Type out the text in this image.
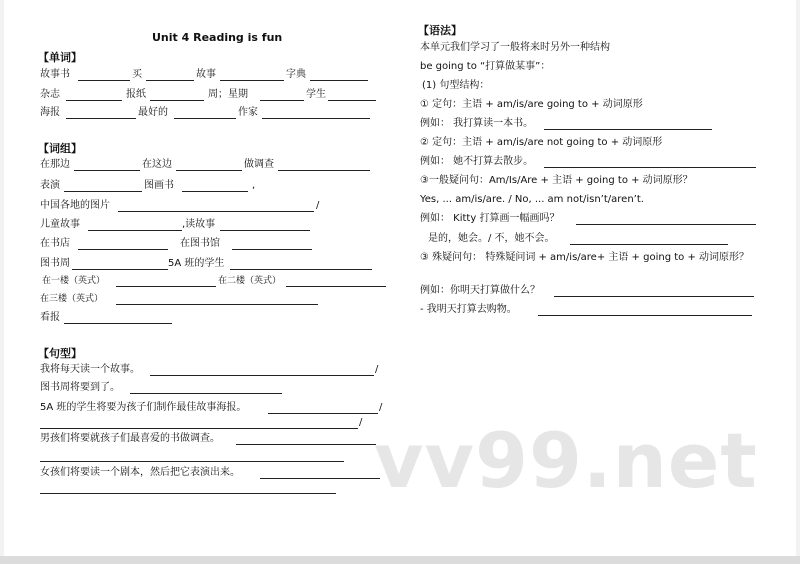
Unit 4 Reading is fun
【单词】
故事书	买	故事	字典
杂志	报纸	周；星期	学生
海报	最好的	作家
【词组】
在那边	在这边	做调查
表演	图画书	,
中国各地的图片	/
儿童故事	,读故事
在书店	在图书馆
图书周	5A 班的学生
在一楼（英式）	在二楼（英式）
在三楼（英式）
看报
【句型】
我将每天读一个故事。	/
图书周将要到了。
5A 班的学生将要为孩子们制作最佳故事海报。	/
/
男孩们将要就孩子们最喜爱的书做调查。
女孩们将要读一个剧本，然后把它表演出来。
【语法】
本单元我们学习了一般将来时另外一种结构
be going to “打算做某事”：
(1) 句型结构：
① 定句：主语 + am/is/are going to + 动词原形
例如： 我打算读一本书。
② 定句：主语 + am/is/are not going to + 动词原形
例如： 她不打算去散步。
③一般疑问句：Am/Is/Are + 主语 + going to + 动词原形？
Yes, ... am/is/are. / No, ... am not/isn’t/aren’t.
例如： Kitty 打算画一幅画吗？
是的，她会。/ 不，她不会。
③ 殊疑问句： 特殊疑问词 + am/is/are+ 主语 + going to + 动词原形？
例如：你明天打算做什么？
- 我明天打算去购物。
vv99.net
